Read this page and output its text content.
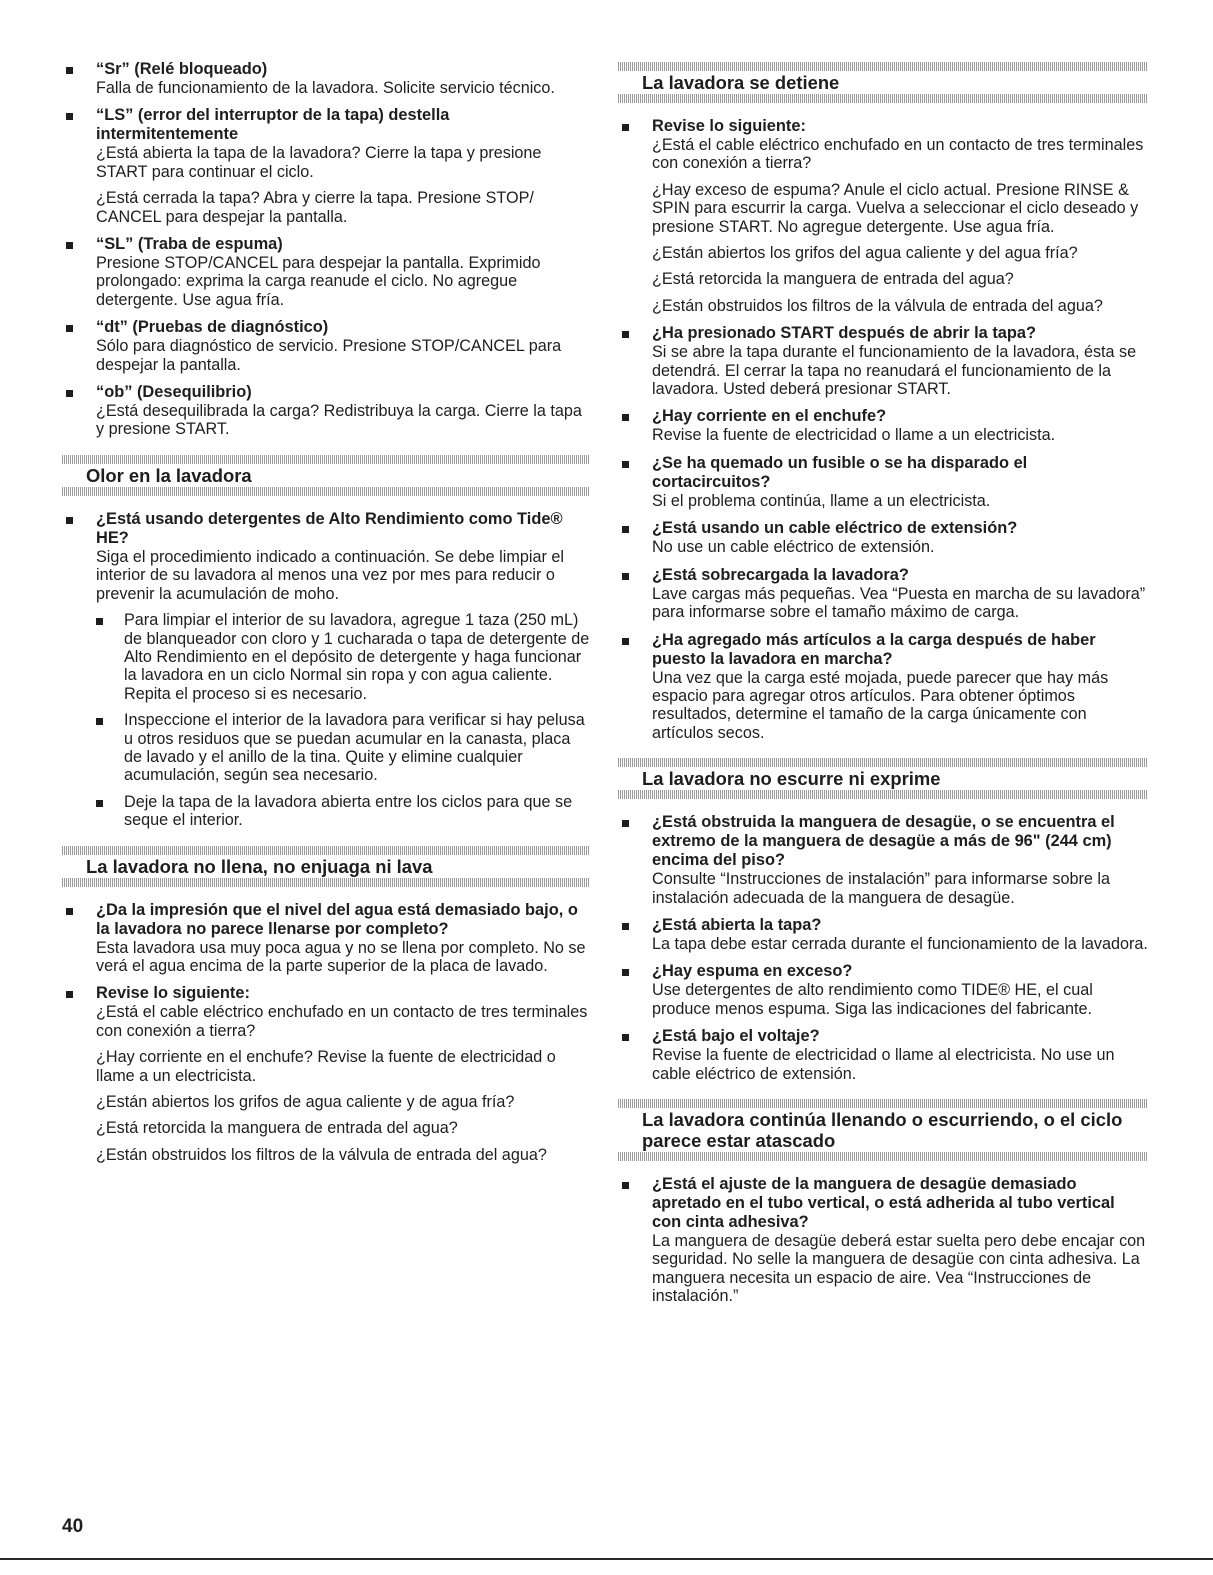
“Sr” (Relé bloqueado)

Falla de funcionamiento de la lavadora. Solicite servicio técnico.

“LS” (error del interruptor de la tapa) destella intermitentemente

¿Está abierta la tapa de la lavadora? Cierre la tapa y presione START para continuar el ciclo.

¿Está cerrada la tapa? Abra y cierre la tapa. Presione STOP/ CANCEL para despejar la pantalla.

“SL” (Traba de espuma)

Presione STOP/CANCEL para despejar la pantalla. Exprimido prolongado: exprima la carga reanude el ciclo. No agregue detergente. Use agua fría.

“dt” (Pruebas de diagnóstico)

Sólo para diagnóstico de servicio. Presione STOP/CANCEL para despejar la pantalla.

“ob” (Desequilibrio)

¿Está desequilibrada la carga? Redistribuya la carga. Cierre la tapa y presione START.

Olor en la lavadora
¿Está usando detergentes de Alto Rendimiento como Tide® HE?

Siga el procedimiento indicado a continuación. Se debe limpiar el interior de su lavadora al menos una vez por mes para reducir o prevenir la acumulación de moho.

Para limpiar el interior de su lavadora, agregue 1 taza (250 mL) de blanqueador con cloro y 1 cucharada o tapa de detergente de Alto Rendimiento en el depósito de detergente y haga funcionar la lavadora en un ciclo Normal sin ropa y con agua caliente. Repita el proceso si es necesario.

Inspeccione el interior de la lavadora para verificar si hay pelusa u otros residuos que se puedan acumular en la canasta, placa de lavado y el anillo de la tina. Quite y elimine cualquier acumulación, según sea necesario.

Deje la tapa de la lavadora abierta entre los ciclos para que se seque el interior.

La lavadora no llena, no enjuaga ni lava
¿Da la impresión que el nivel del agua está demasiado bajo, o la lavadora no parece llenarse por completo?

Esta lavadora usa muy poca agua y no se llena por completo. No se verá el agua encima de la parte superior de la placa de lavado.

Revise lo siguiente:

¿Está el cable eléctrico enchufado en un contacto de tres terminales con conexión a tierra?

¿Hay corriente en el enchufe? Revise la fuente de electricidad o llame a un electricista.

¿Están abiertos los grifos de agua caliente y de agua fría?

¿Está retorcida la manguera de entrada del agua?

¿Están obstruidos los filtros de la válvula de entrada del agua?

La lavadora se detiene
Revise lo siguiente:

¿Está el cable eléctrico enchufado en un contacto de tres terminales con conexión a tierra?

¿Hay exceso de espuma? Anule el ciclo actual. Presione RINSE & SPIN para escurrir la carga. Vuelva a seleccionar el ciclo deseado y presione START. No agregue detergente. Use agua fría.

¿Están abiertos los grifos del agua caliente y del agua fría?

¿Está retorcida la manguera de entrada del agua?

¿Están obstruidos los filtros de la válvula de entrada del agua?

¿Ha presionado START después de abrir la tapa?

Si se abre la tapa durante el funcionamiento de la lavadora, ésta se detendrá. El cerrar la tapa no reanudará el funcionamiento de la lavadora. Usted deberá presionar START.

¿Hay corriente en el enchufe?

Revise la fuente de electricidad o llame a un electricista.

¿Se ha quemado un fusible o se ha disparado el cortacircuitos?

Si el problema continúa, llame a un electricista.

¿Está usando un cable eléctrico de extensión?

No use un cable eléctrico de extensión.

¿Está sobrecargada la lavadora?

Lave cargas más pequeñas. Vea “Puesta en marcha de su lavadora” para informarse sobre el tamaño máximo de carga.

¿Ha agregado más artículos a la carga después de haber puesto la lavadora en marcha?

Una vez que la carga esté mojada, puede parecer que hay más espacio para agregar otros artículos. Para obtener óptimos resultados, determine el tamaño de la carga únicamente con artículos secos.

La lavadora no escurre ni exprime
¿Está obstruida la manguera de desagüe, o se encuentra el extremo de la manguera de desagüe a más de 96" (244 cm) encima del piso?

Consulte “Instrucciones de instalación” para informarse sobre la instalación adecuada de la manguera de desagüe.

¿Está abierta la tapa?

La tapa debe estar cerrada durante el funcionamiento de la lavadora.

¿Hay espuma en exceso?

Use detergentes de alto rendimiento como TIDE® HE, el cual produce menos espuma. Siga las indicaciones del fabricante.

¿Está bajo el voltaje?

Revise la fuente de electricidad o llame al electricista. No use un cable eléctrico de extensión.

La lavadora continúa llenando o escurriendo, o el ciclo parece estar atascado
¿Está el ajuste de la manguera de desagüe demasiado apretado en el tubo vertical, o está adherida al tubo vertical con cinta adhesiva?

La manguera de desagüe deberá estar suelta pero debe encajar con seguridad. No selle la manguera de desagüe con cinta adhesiva. La manguera necesita un espacio de aire. Vea “Instrucciones de instalación.”

40
